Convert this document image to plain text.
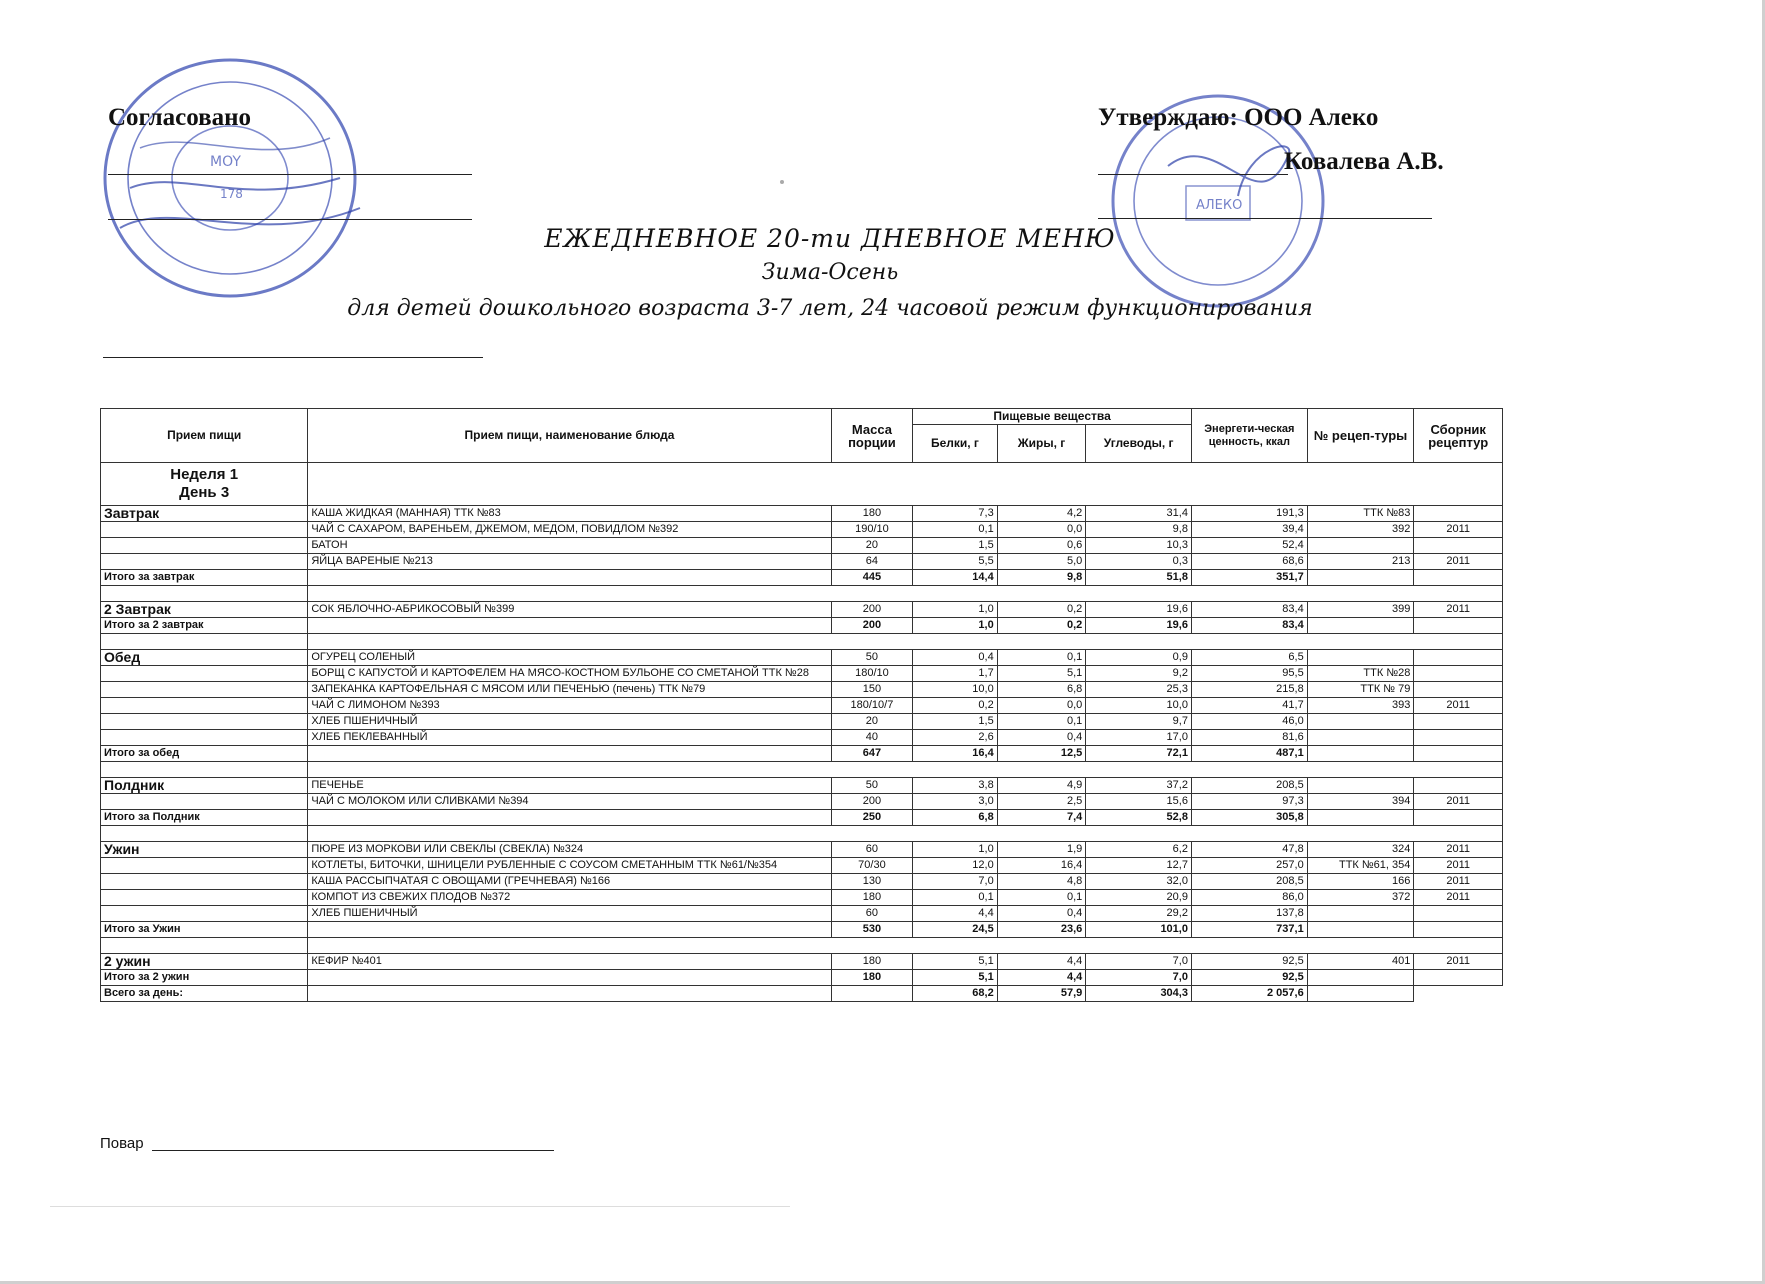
MOY
178
АЛЕКО
Согласовано	Утверждаю: ООО Алеко
Ковалева А.В.
ЕЖЕДНЕВНОЕ 20-ти ДНЕВНОЕ МЕНЮ
Зима-Осень
для детей дошкольного возраста 3-7 лет, 24 часовой режим функционирования
Прием пищи	Прием пищи, наименование блюда	Масса порции	Пищевые вещества			Энергети-ческая ценность, ккал	№ рецеп-туры	Сборник рецептур
			Белки, г	Жиры, г	Углеводы, г			

Неделя 1
День 3								

Завтрак	КАША ЖИДКАЯ (МАННАЯ) ТТК №83	180	7,3	4,2	31,4	191,3	ТТК №83	
	ЧАЙ С САХАРОМ, ВАРЕНЬЕМ, ДЖЕМОМ, МЕДОМ, ПОВИДЛОМ №392	190/10	0,1	0,0	9,8	39,4	392	2011
	БАТОН	20	1,5	0,6	10,3	52,4		
	ЯЙЦА ВАРЕНЫЕ №213	64	5,5	5,0	0,3	68,6	213	2011
Итого за завтрак		445	14,4	9,8	51,8	351,7		

2 Завтрак	СОК ЯБЛОЧНО-АБРИКОСОВЫЙ №399	200	1,0	0,2	19,6	83,4	399	2011
Итого за 2 завтрак		200	1,0	0,2	19,6	83,4		

Обед	ОГУРЕЦ СОЛЕНЫЙ	50	0,4	0,1	0,9	6,5		
	БОРЩ С КАПУСТОЙ И КАРТОФЕЛЕМ НА МЯСО-КОСТНОМ БУЛЬОНЕ СО СМЕТАНОЙ ТТК №28	180/10	1,7	5,1	9,2	95,5	ТТК №28	
	ЗАПЕКАНКА КАРТОФЕЛЬНАЯ С МЯСОМ ИЛИ ПЕЧЕНЬЮ (печень) ТТК №79	150	10,0	6,8	25,3	215,8	ТТК № 79	
	ЧАЙ С ЛИМОНОМ №393	180/10/7	0,2	0,0	10,0	41,7	393	2011
	ХЛЕБ ПШЕНИЧНЫЙ	20	1,5	0,1	9,7	46,0		
	ХЛЕБ ПЕКЛЕВАННЫЙ	40	2,6	0,4	17,0	81,6		
Итого за обед		647	16,4	12,5	72,1	487,1		

Полдник	ПЕЧЕНЬЕ	50	3,8	4,9	37,2	208,5		
	ЧАЙ С МОЛОКОМ ИЛИ СЛИВКАМИ №394	200	3,0	2,5	15,6	97,3	394	2011
Итого за Полдник		250	6,8	7,4	52,8	305,8		

Ужин	ПЮРЕ ИЗ МОРКОВИ ИЛИ СВЕКЛЫ (СВЕКЛА) №324	60	1,0	1,9	6,2	47,8	324	2011
	КОТЛЕТЫ, БИТОЧКИ, ШНИЦЕЛИ РУБЛЕННЫЕ С СОУСОМ СМЕТАННЫМ ТТК №61/№354	70/30	12,0	16,4	12,7	257,0	ТТК №61, 354	2011
	КАША РАССЫПЧАТАЯ С ОВОЩАМИ (ГРЕЧНЕВАЯ) №166	130	7,0	4,8	32,0	208,5	166	2011
	КОМПОТ ИЗ СВЕЖИХ ПЛОДОВ №372	180	0,1	0,1	20,9	86,0	372	2011
	ХЛЕБ ПШЕНИЧНЫЙ	60	4,4	0,4	29,2	137,8		
Итого за Ужин		530	24,5	23,6	101,0	737,1		

2 ужин	КЕФИР №401	180	5,1	4,4	7,0	92,5	401	2011
Итого за 2 ужин		180	5,1	4,4	7,0	92,5		
Всего за день:			68,2	57,9	304,3	2 057,6		
Повар
